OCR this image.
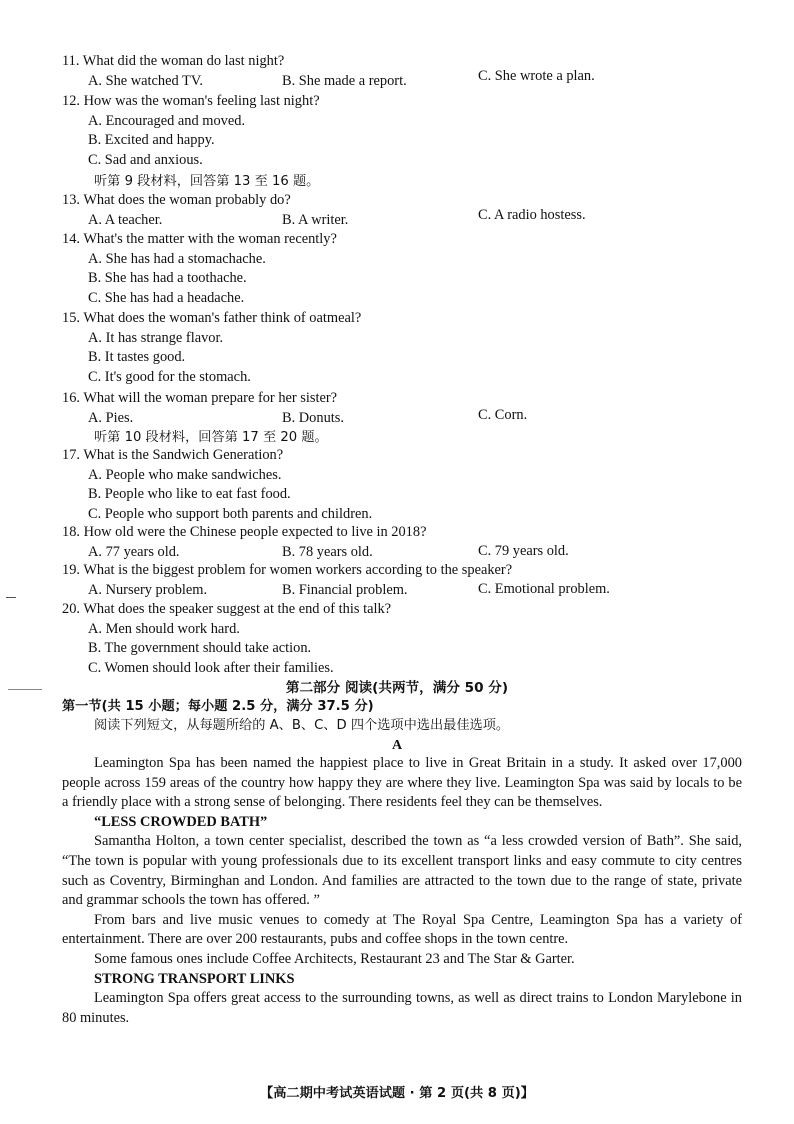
11. What did the woman do last night?
A. She watched TV.	B. She made a report.	C. She wrote a plan.
12. How was the woman's feeling last night?
A. Encouraged and moved.
B. Excited and happy.
C. Sad and anxious.
听第 9 段材料，回答第 13 至 16 题。
13. What does the woman probably do?
A. A teacher.	B. A writer.	C. A radio hostess.
14. What's the matter with the woman recently?
A. She has had a stomachache.
B. She has had a toothache.
C. She has had a headache.
15. What does the woman's father think of oatmeal?
A. It has strange flavor.
B. It tastes good.
C. It's good for the stomach.
16. What will the woman prepare for her sister?
A. Pies.	B. Donuts.	C. Corn.
听第 10 段材料，回答第 17 至 20 题。
17. What is the Sandwich Generation?
A. People who make sandwiches.
B. People who like to eat fast food.
C. People who support both parents and children.
18. How old were the Chinese people expected to live in 2018?
A. 77 years old.	B. 78 years old.	C. 79 years old.
19. What is the biggest problem for women workers according to the speaker?
A. Nursery problem.	B. Financial problem.	C. Emotional problem.
20. What does the speaker suggest at the end of this talk?
A. Men should work hard.
B. The government should take action.
C. Women should look after their families.
第二部分 阅读(共两节，满分 50 分)
第一节(共 15 小题；每小题 2.5 分，满分 37.5 分)
阅读下列短文，从每题所给的 A、B、C、D 四个选项中选出最佳选项。
A

Leamington Spa has been named the happiest place to live in Great Britain in a study. It asked over 17,000 people across 159 areas of the country how happy they are where they live. Leamington Spa was said by locals to be a friendly place with a strong sense of belonging. There residents feel they can be themselves.

“LESS CROWDED BATH”

Samantha Holton, a town center specialist, described the town as “a less crowded version of Bath”. She said, “The town is popular with young professionals due to its excellent transport links and easy commute to city centres such as Coventry, Birminghan and London. And families are attracted to the town due to the range of state, private and grammar schools the town has offered. ”

From bars and live music venues to comedy at The Royal Spa Centre, Leamington Spa has a variety of entertainment. There are over 200 restaurants, pubs and coffee shops in the town centre.

Some famous ones include Coffee Architects, Restaurant 23 and The Star & Garter.

STRONG TRANSPORT LINKS

Leamington Spa offers great access to the surrounding towns, as well as direct trains to London Marylebone in 80 minutes.

【高二期中考试英语试题 · 第 2 页(共 8 页)】
